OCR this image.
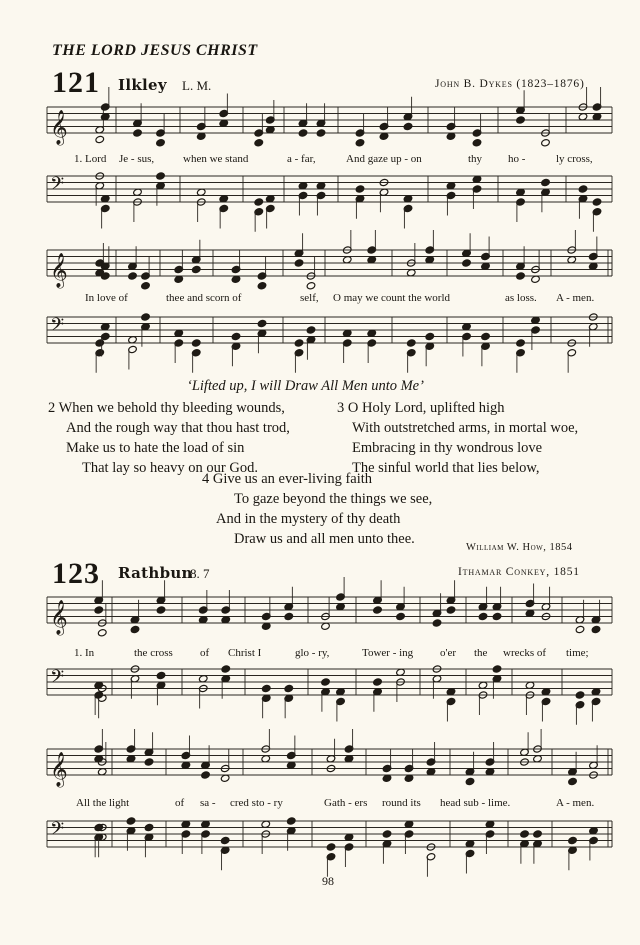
𝄞
𝄢
𝄞
𝄢
𝄞
𝄢
𝄞
𝄢
THE LORD JESUS CHRIST
121 Ilkley L. M.	John B. Dykes (1823–1876)
1. Lord Je - sus,	when we stand	a - far,	And gaze up - on	thy ho -	ly cross,
In love of	thee and scorn of	self, O may we count the world	as loss. A - men.
‘Lifted up, I will Draw All Men unto Me’
2 When we behold thy bleeding wounds,
And the rough way that thou hast trod,
Make us to hate the load of sin
That lay so heavy on our God.
3 O Holy Lord, uplifted high
With outstretched arms, in mortal woe,
Embracing in thy wondrous love
The sinful world that lies below,
4 Give us an ever-living faith
To gaze beyond the things we see,
And in the mystery of thy death
Draw us and all men unto thee.
William W. How, 1854
123 Rathbun
8. 7	Ithamar Conkey, 1851
1. In	the cross of Christ I	glo - ry,	Tower - ing o'er the wrecks of time;
All the light	of sa - cred sto - ry	Gath - ers round its head sub - lime.	A - men.
98
